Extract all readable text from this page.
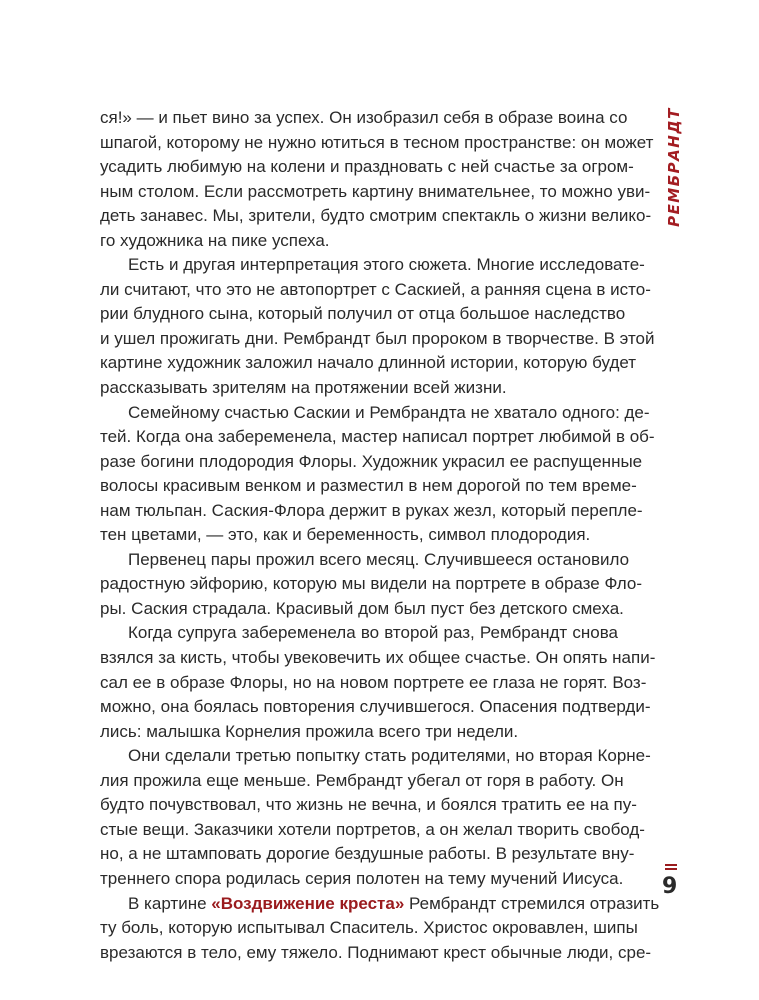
РЕМБРАНДТ
ся!» — и пьет вино за успех. Он изобразил себя в образе воина со
шпагой, которому не нужно ютиться в тесном пространстве: он может
усадить любимую на колени и праздновать с ней счастье за огром-
ным столом. Если рассмотреть картину внимательнее, то можно уви-
деть занавес. Мы, зрители, будто смотрим спектакль о жизни велико-
го художника на пике успеха.
Есть и другая интерпретация этого сюжета. Многие исследовате-
ли считают, что это не автопортрет с Саскией, а ранняя сцена в исто-
рии блудного сына, который получил от отца большое наследство
и ушел прожигать дни. Рембрандт был пророком в творчестве. В этой
картине художник заложил начало длинной истории, которую будет
рассказывать зрителям на протяжении всей жизни.
Семейному счастью Саскии и Рембрандта не хватало одного: де-
тей. Когда она забеременела, мастер написал портрет любимой в об-
разе богини плодородия Флоры. Художник украсил ее распущенные
волосы красивым венком и разместил в нем дорогой по тем време-
нам тюльпан. Саския-Флора держит в руках жезл, который переплe-
тен цветами, — это, как и беременность, символ плодородия.
Первенец пары прожил всего месяц. Случившееся остановило
радостную эйфорию, которую мы видели на портрете в образе Фло-
ры. Саския страдала. Красивый дом был пуст без детского смеха.
Когда супруга забеременела во второй раз, Рембрандт снова
взялся за кисть, чтобы увековечить их общее счастье. Он опять напи-
сал ее в образе Флоры, но на новом портрете ее глаза не горят. Воз-
можно, она боялась повторения случившегося. Опасения подтверди-
лись: малышка Корнелия прожила всего три недели.
Они сделали третью попытку стать родителями, но вторая Корне-
лия прожила еще меньше. Рембрандт убегал от горя в работу. Он
будто почувствовал, что жизнь не вечна, и боялся тратить ее на пу-
стые вещи. Заказчики хотели портретов, а он желал творить свобод-
но, а не штамповать дорогие бездушные работы. В результате вну-
треннего спора родилась серия полотен на тему мучений Иисуса.
В картине «Воздвижение креста» Рембрандт стремился отразить
ту боль, которую испытывал Спаситель. Христос окровавлен, шипы
врезаются в тело, ему тяжело. Поднимают крест обычные люди, сре-
9
